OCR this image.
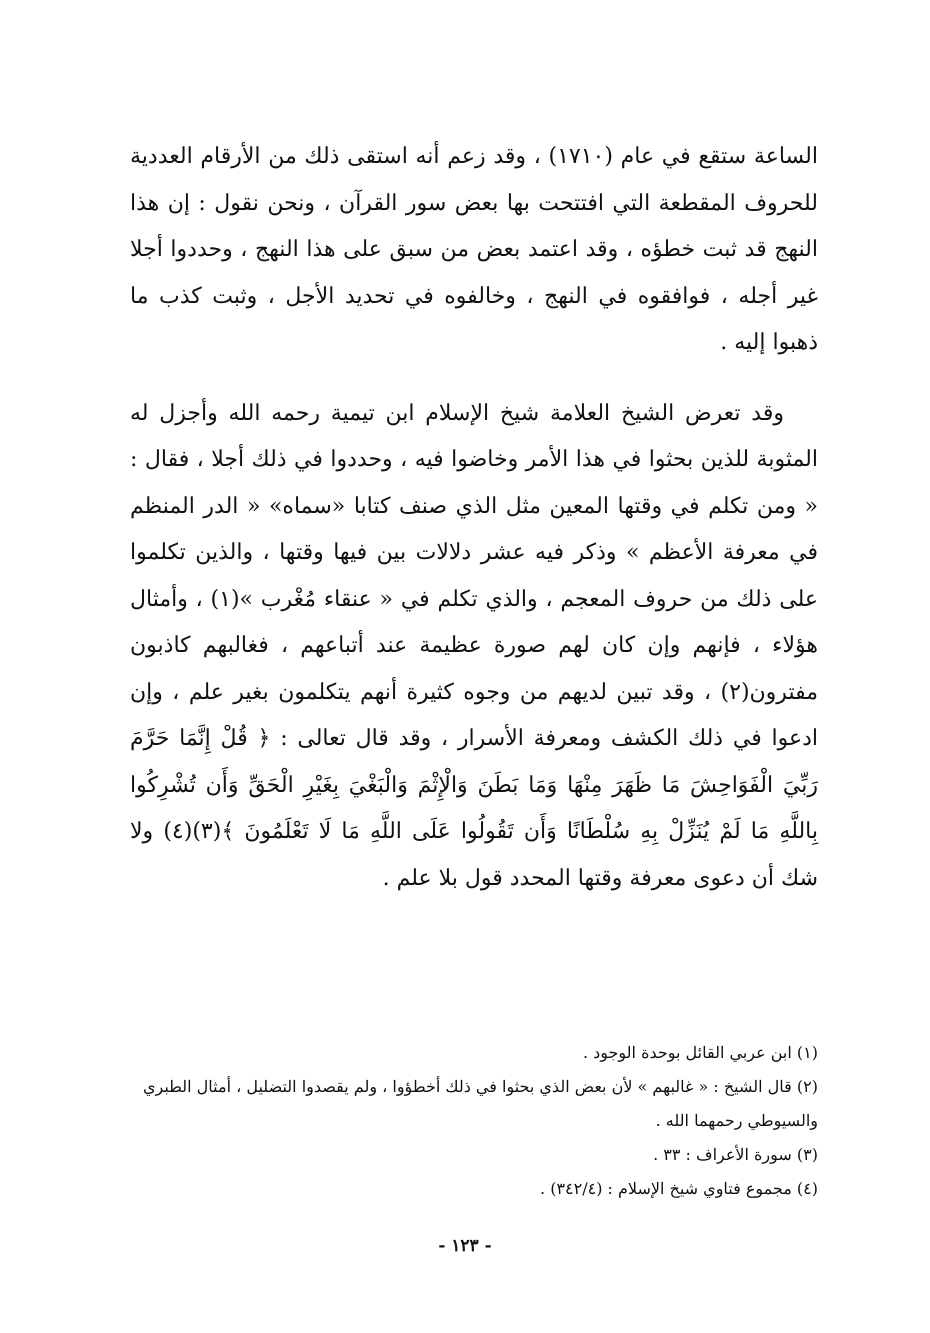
الساعة ستقع في عام (١٧١٠) ، وقد زعم أنه استقى ذلك من الأرقام العددية للحروف المقطعة التي افتتحت بها بعض سور القرآن ، ونحن نقول : إن هذا النهج قد ثبت خطؤه ، وقد اعتمد بعض من سبق على هذا النهج ، وحددوا أجلا غير أجله ، فوافقوه في النهج ، وخالفوه في تحديد الأجل ، وثبت كذب ما ذهبوا إليه .

وقد تعرض الشيخ العلامة شيخ الإسلام ابن تيمية رحمه الله وأجزل له المثوبة للذين بحثوا في هذا الأمر وخاضوا فيه ، وحددوا في ذلك أجلا ، فقال : « ومن تكلم في وقتها المعين مثل الذي صنف كتابا «سماه» « الدر المنظم في معرفة الأعظم » وذكر فيه عشر دلالات بين فيها وقتها ، والذين تكلموا على ذلك من حروف المعجم ، والذي تكلم في « عنقاء مُغْرب »(١) ، وأمثال هؤلاء ، فإنهم وإن كان لهم صورة عظيمة عند أتباعهم ، فغالبهم كاذبون مفترون(٢) ، وقد تبين لديهم من وجوه كثيرة أنهم يتكلمون بغير علم ، وإن ادعوا في ذلك الكشف ومعرفة الأسرار ، وقد قال تعالى : ﴿ قُلْ إِنَّمَا حَرَّمَ رَبِّيَ الْفَوَاحِشَ مَا ظَهَرَ مِنْهَا وَمَا بَطَنَ وَالْإِثْمَ وَالْبَغْيَ بِغَيْرِ الْحَقِّ وَأَن تُشْرِكُوا بِاللَّهِ مَا لَمْ يُنَزِّلْ بِهِ سُلْطَانًا وَأَن تَقُولُوا عَلَى اللَّهِ مَا لَا تَعْلَمُونَ ﴾(٣)(٤) ولا شك أن دعوى معرفة وقتها المحدد قول بلا علم .

(١) ابن عربي القائل بوحدة الوجود .

(٢) قال الشيخ : « غالبهم » لأن بعض الذي بحثوا في ذلك أخطؤوا ، ولم يقصدوا التضليل ، أمثال الطبري والسيوطي رحمهما الله .

(٣) سورة الأعراف : ٣٣ .

(٤) مجموع فتاوي شيخ الإسلام : (٣٤٢/٤) .

- ١٢٣ -
